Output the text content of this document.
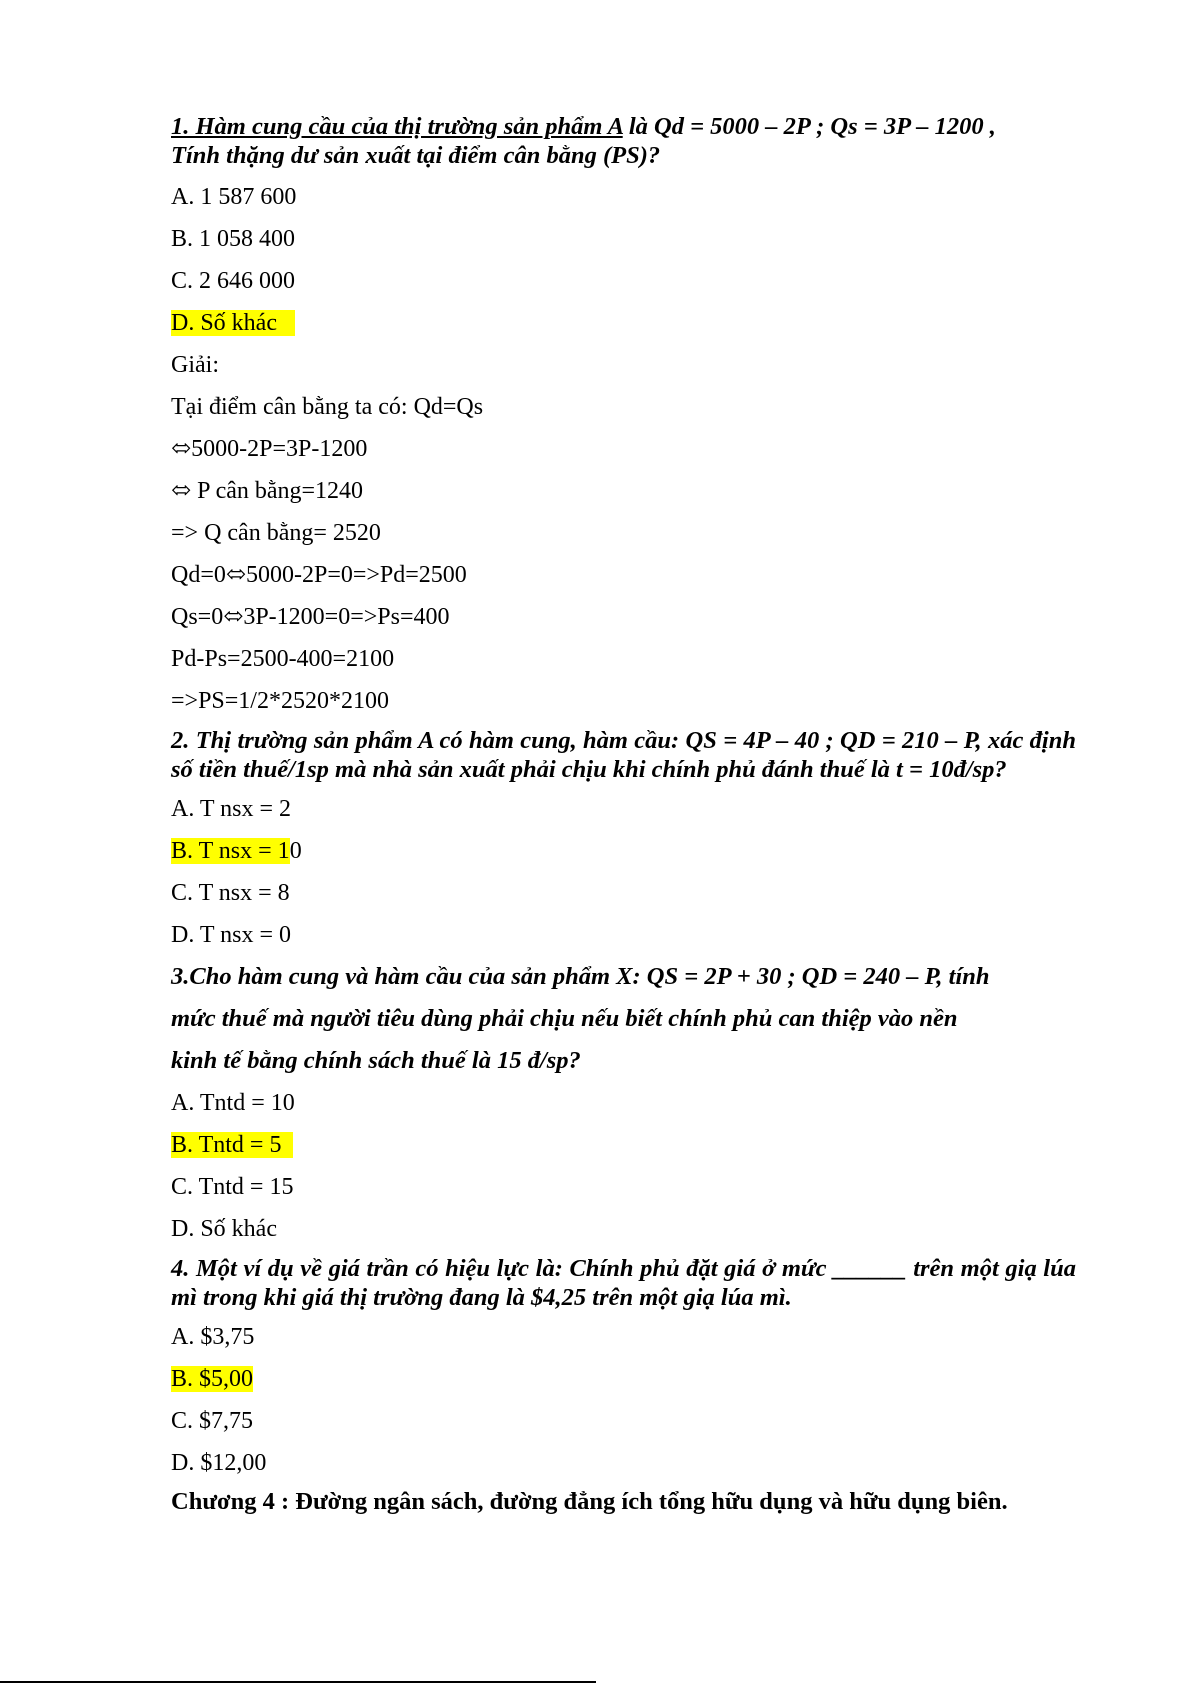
1. Hàm cung cầu của thị trường sản phẩm A là Qd = 5000 – 2P ; Qs = 3P – 1200 ,
Tính thặng dư sản xuất tại điểm cân bằng (PS)?

A. 1 587 600

B. 1 058 400

C. 2 646 000

D. Số khác

Giải:

Tại điểm cân bằng ta có: Qd=Qs

⬄5000-2P=3P-1200

⬄ P cân bằng=1240

=> Q cân bằng= 2520

Qd=0⬄5000-2P=0=>Pd=2500

Qs=0⬄3P-1200=0=>Ps=400

Pd-Ps=2500-400=2100

=>PS=1/2*2520*2100

2. Thị trường sản phẩm A có hàm cung, hàm cầu: QS = 4P – 40 ; QD = 210 – P, xác định số tiền thuế/1sp mà nhà sản xuất phải chịu khi chính phủ đánh thuế là t = 10đ/sp?

A. T nsx = 2

B. T nsx = 10

C. T nsx = 8

D. T nsx = 0

3.Cho hàm cung và hàm cầu của sản phẩm X: QS = 2P + 30 ; QD = 240 – P, tính

mức thuế mà người tiêu dùng phải chịu nếu biết chính phủ can thiệp vào nền

kinh tế bằng chính sách thuế là 15 đ/sp?

A. Tntd = 10

B. Tntd = 5

C. Tntd = 15

D. Số khác

4. Một ví dụ về giá trần có hiệu lực là: Chính phủ đặt giá ở mức ______ trên một giạ lúa mì trong khi giá thị trường đang là $4,25 trên một giạ lúa mì.

A. $3,75

B. $5,00

C. $7,75

D. $12,00

Chương 4 : Đường ngân sách, đường đẳng ích tổng hữu dụng và hữu dụng biên.
